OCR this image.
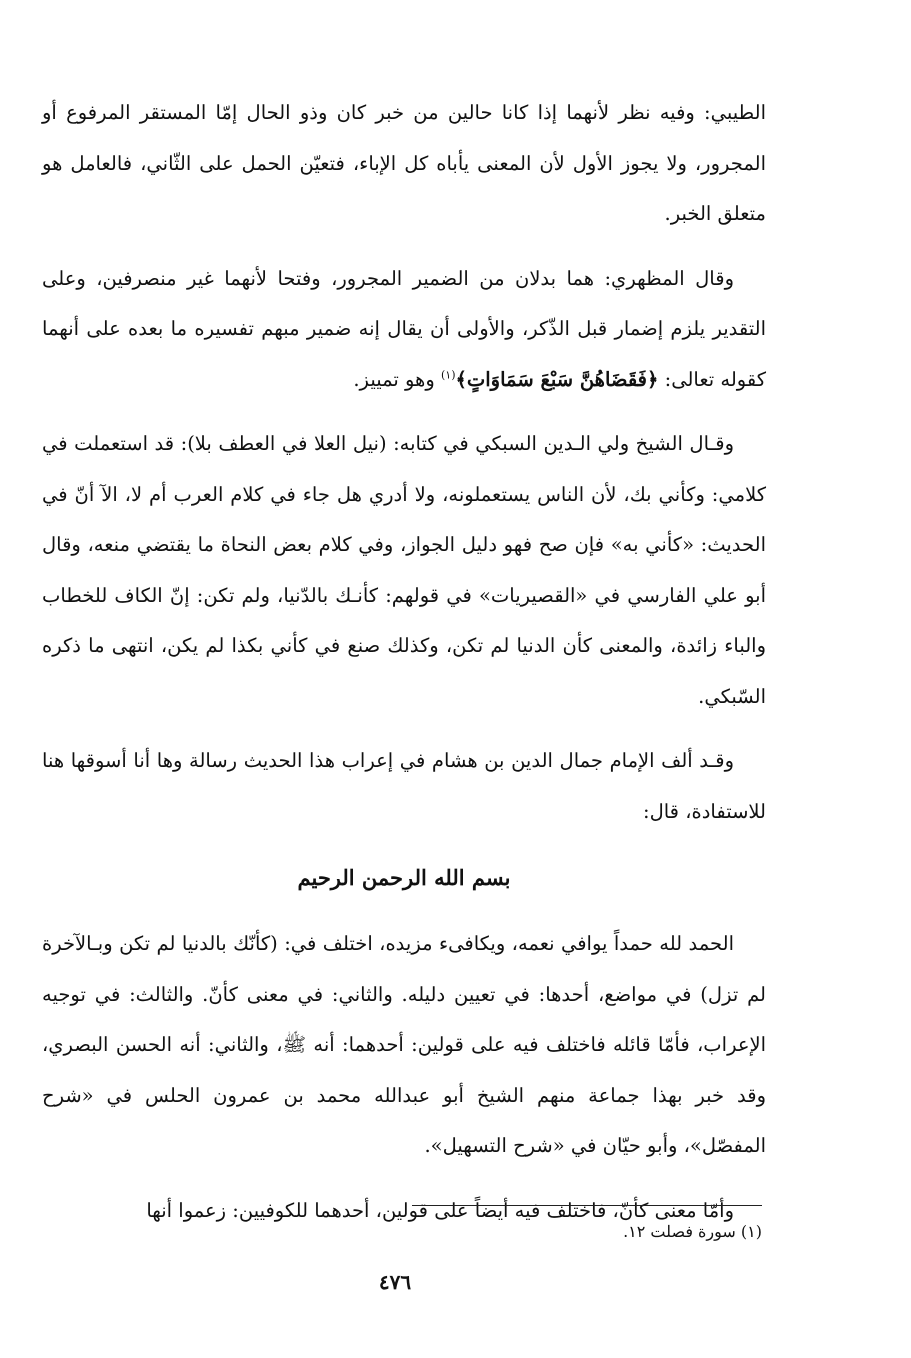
الطيبي: وفيه نظر لأنهما إذا كانا حالين من خبر كان وذو الحال إمّا المستقر المرفوع أو المجرور، ولا يجوز الأول لأن المعنى يأباه كل الإباء، فتعيّن الحمل على الثّاني، فالعامل هو متعلق الخبر.

وقال المظهري: هما بدلان من الضمير المجرور، وفتحا لأنهما غير منصرفين، وعلى التقدير يلزم إضمار قبل الذّكر، والأولى أن يقال إنه ضمير مبهم تفسيره ما بعده على أنهما كقوله تعالى: ﴿فَقَضَاهُنَّ سَبْعَ سَمَاوَاتٍ﴾$^{(١)}$ وهو تمييز.

وقـال الشيخ ولي الـدين السبكي في كتابه: (نيل العلا في العطف بلا): قد استعملت في كلامي: وكأني بك، لأن الناس يستعملونه، ولا أدري هل جاء في كلام العرب أم لا، الآ أنّ في الحديث: «كأني به» فإن صح فهو دليل الجواز، وفي كلام بعض النحاة ما يقتضي منعه، وقال أبو علي الفارسي في «القصيريات» في قولهم: كأنـك بالدّنيا، ولم تكن: إنّ الكاف للخطاب والباء زائدة، والمعنى كأن الدنيا لم تكن، وكذلك صنع في كأني بكذا لم يكن، انتهى ما ذكره السّبكي.

وقـد ألف الإمام جمال الدين بن هشام في إعراب هذا الحديث رسالة وها أنا أسوقها هنا للاستفادة، قال:

بسم الله الرحمن الرحيم

الحمد لله حمداً يوافي نعمه، ويكافىء مزيده، اختلف في: (كأنّك بالدنيا لم تكن وبـالآخرة لم تزل) في مواضع، أحدها: في تعيين دليله. والثاني: في معنى كأنّ. والثالث: في توجيه الإعراب، فأمّا قائله فاختلف فيه على قولين: أحدهما: أنه ﷺ، والثاني: أنه الحسن البصري، وقد خبر بهذا جماعة منهم الشيخ أبو عبدالله محمد بن عمرون الحلس في «شرح المفصّل»، وأبو حيّان في «شرح التسهيل».

وأمّا معنى كأنّ، فاختلف فيه أيضاً على قولين، أحدهما للكوفيين: زعموا أنها

(١) سورة فصلت ١٢.

٤٧٦
